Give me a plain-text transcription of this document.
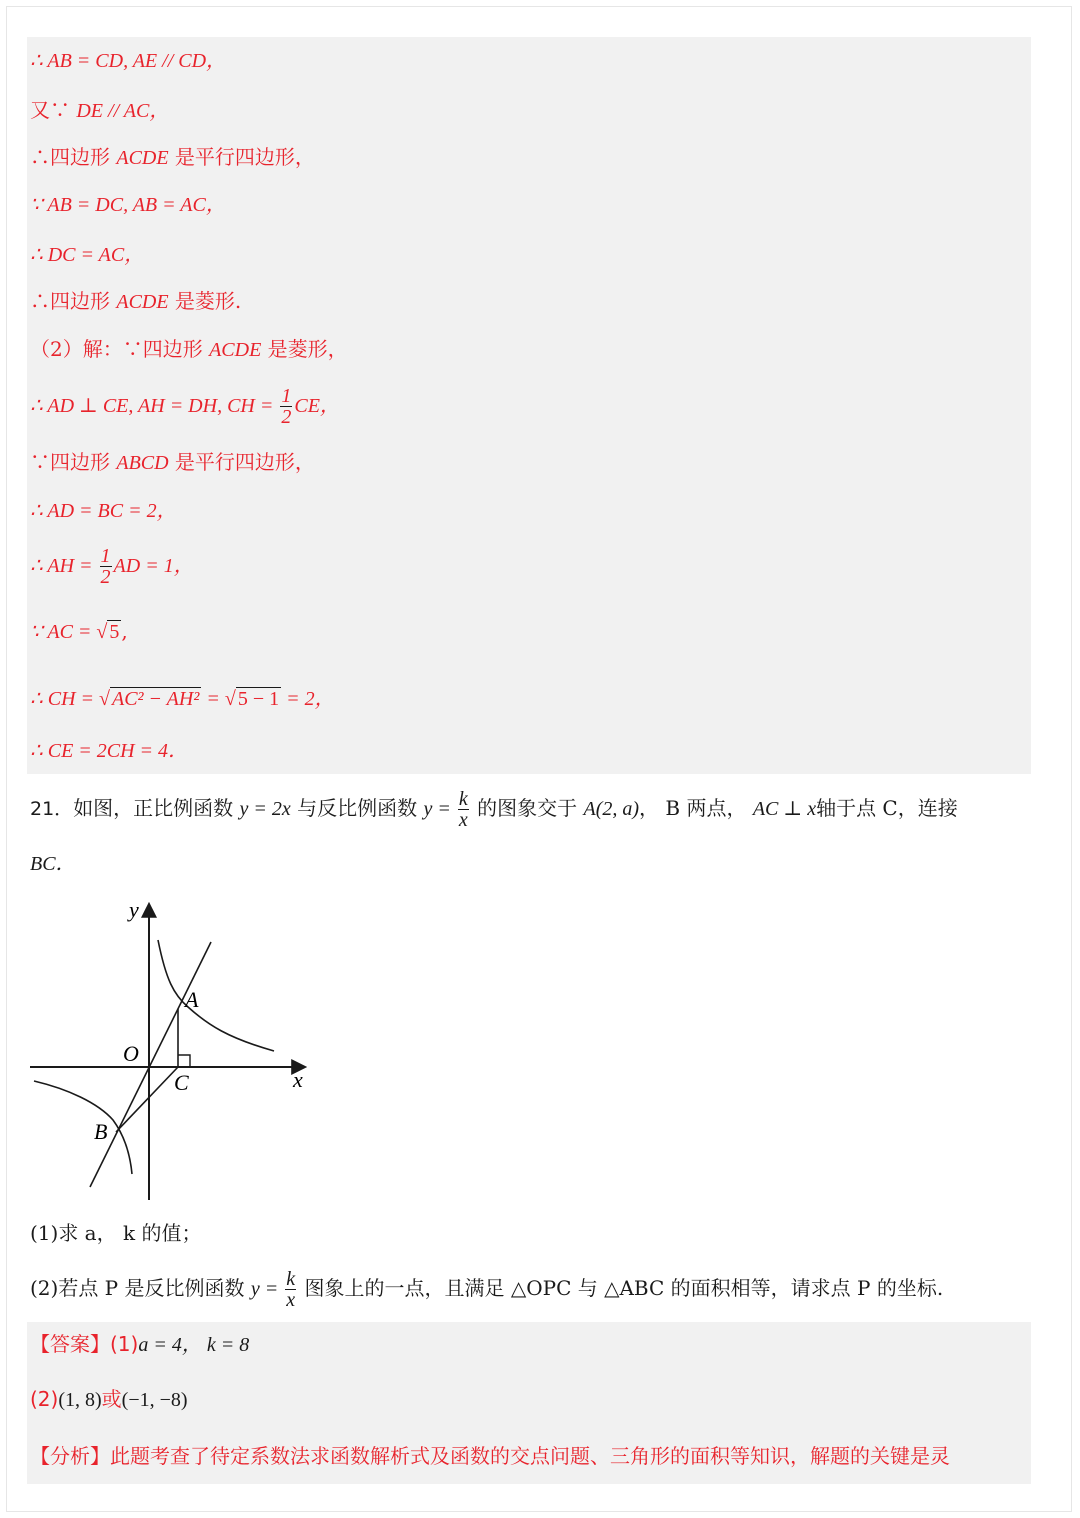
∴ AB = CD, AE // CD，
又∵ DE // AC，
∴四边形 ACDE 是平行四边形，
∵ AB = DC, AB = AC，
∴ DC = AC，
∴四边形 ACDE 是菱形.
（2）解：∵四边形 ACDE 是菱形，
∴ AD ⊥ CE, AH = DH, CH = $\frac{1}{2}$ CE，
∵四边形 ABCD 是平行四边形，
∴ AD = BC = 2，
∴ AH = $\frac{1}{2}$ AD = 1，
∵ AC = √ 5 ,
∴ CH = √ AC² − AH² = √ 5 − 1 = 2，
∴ CE = 2CH = 4．
21．如图，正比例函数 y = 2x 与反比例函数 $y = \frac{k}{x}$ 的图象交于 A(2, a)， B 两点， AC ⊥ x轴于点 C，连接
BC．
y
x
O
A
B
C
(1)求 a， k 的值；
(2)若点 P 是反比例函数 $y = \frac{k}{x}$ 图象上的一点，且满足 △OPC 与 △ABC 的面积相等，请求点 P 的坐标.
【答案】(1)a = 4， k = 8
(2)(1, 8)或(−1, −8)
【分析】此题考查了待定系数法求函数解析式及函数的交点问题、三角形的面积等知识，解题的关键是灵
